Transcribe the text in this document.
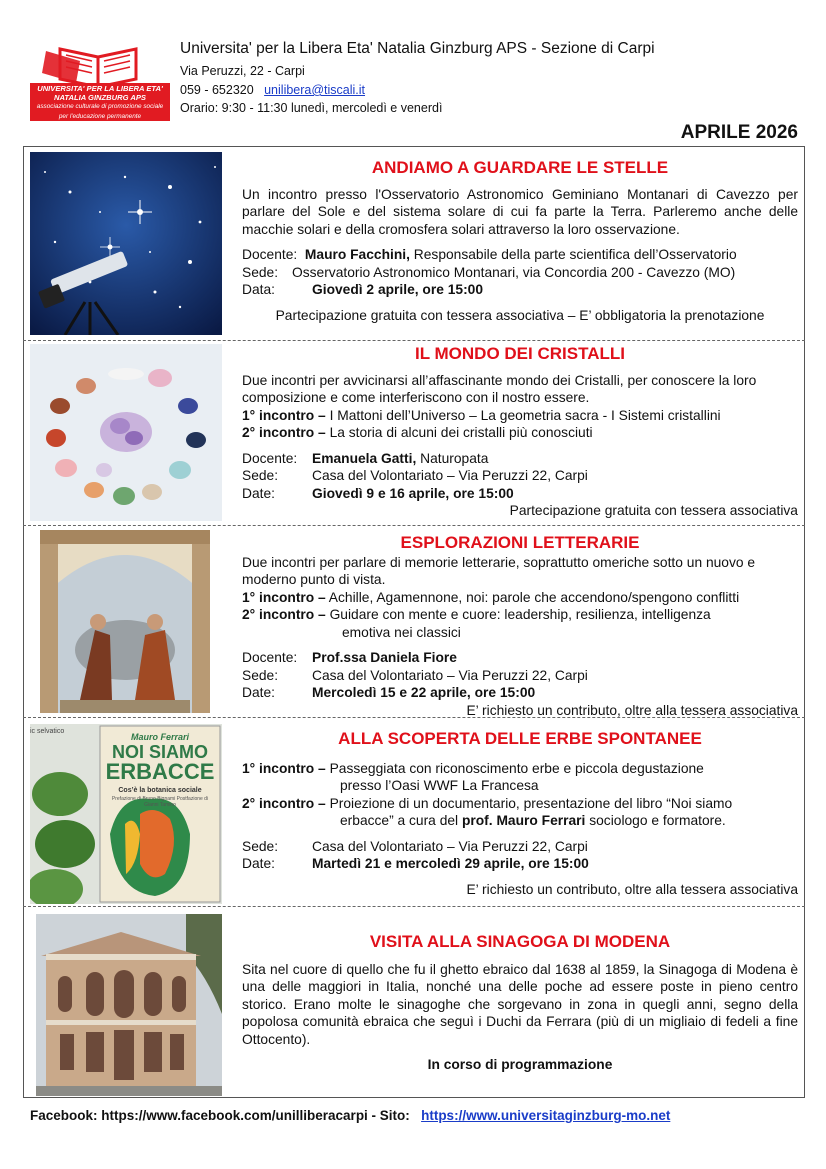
UNIVERSITA' PER LA LIBERA ETA' NATALIA GINZBURG APS
associazione culturale di promozione sociale per l'educazione permanente
Universita' per la Libera Eta' Natalia Ginzburg APS - Sezione di Carpi
Via Peruzzi, 22 - Carpi
059 - 652320 unilibera@tiscali.it
Orario: 9:30 - 11:30 lunedì, mercoledì e venerdì
APRILE 2026

ANDIAMO A GUARDARE LE STELLE

Un incontro presso l'Osservatorio Astronomico Geminiano Montanari di Cavezzo per parlare del Sole e del sistema solare di cui fa parte la Terra. Parleremo anche delle macchie solari e della cromosfera solari attraverso la loro osservazione.

Docente: Mauro Facchini, Responsabile della parte scientifica dell’Osservatorio

Sede: Osservatorio Astronomico Montanari, via Concordia 200 - Cavezzo (MO)

Data:	Giovedì 2 aprile, ore 15:00

Partecipazione gratuita con tessera associativa – E’ obbligatoria la prenotazione

IL MONDO DEI CRISTALLI

Due incontri per avvicinarsi all’affascinante mondo dei Cristalli, per conoscere la loro composizione e come interferiscono con il nostro essere.

1° incontro – I Mattoni dell’Universo – La geometria sacra - I Sistemi cristallini

2° incontro – La storia di alcuni dei cristalli più conosciuti

Docente: Emanuela Gatti, Naturopata

Sede: Casa del Volontariato – Via Peruzzi 22, Carpi

Date:	Giovedì 9 e 16 aprile, ore 15:00

Partecipazione gratuita con tessera associativa

ESPLORAZIONI LETTERARIE

Due incontri per parlare di memorie letterarie, soprattutto omeriche sotto un nuovo e moderno punto di vista.

1° incontro – Achille, Agamennone, noi: parole che accendono/spengono conflitti

2° incontro – Guidare con mente e cuore: leadership, resilienza, intelligenza

emotiva nei classici

Docente: Prof.ssa Daniela Fiore

Sede: Casa del Volontariato – Via Peruzzi 22, Carpi

Date:	Mercoledì 15 e 22 aprile, ore 15:00

E’ richiesto un contributo, oltre alla tessera associativa

ic selvatico
Mauro Ferrari
NOI SIAMO
ERBACCE
Cos’è la botanica sociale
Prefazione di Bruno Bignami Postfazione di Gianni Tamino

ALLA SCOPERTA DELLE ERBE SPONTANEE

1° incontro – Passeggiata con riconoscimento erbe e piccola degustazione

presso l’Oasi WWF La Francesa

2° incontro – Proiezione di un documentario, presentazione del libro “Noi siamo

erbacce” a cura del prof. Mauro Ferrari sociologo e formatore.

Sede: Casa del Volontariato – Via Peruzzi 22, Carpi

Date:	Martedì 21 e mercoledì 29 aprile, ore 15:00

E’ richiesto un contributo, oltre alla tessera associativa

VISITA ALLA SINAGOGA DI MODENA

Sita nel cuore di quello che fu il ghetto ebraico dal 1638 al 1859, la Sinagoga di Modena è una delle maggiori in Italia, nonché una delle poche ad essere poste in pieno centro storico. Erano molte le sinagoghe che sorgevano in zona in quegli anni, segno della popolosa comunità ebraica che seguì i Duchi da Ferrara (più di un migliaio di fedeli a fine Ottocento).

In corso di programmazione

Facebook: https://www.facebook.com/unilliberacarpi - Sito: https://www.universitaginzburg-mo.net
